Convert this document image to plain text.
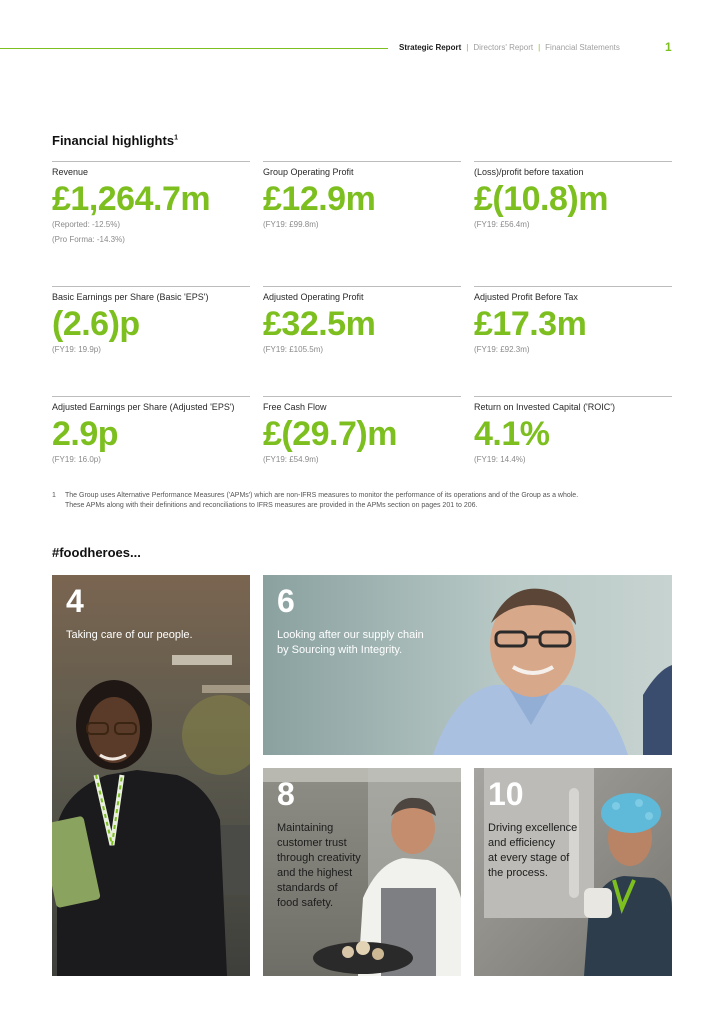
Strategic Report | Directors' Report | Financial Statements	1
Financial highlights$^1$
Revenue
£1,264.7m
(Reported: -12.5%)
(Pro Forma: -14.3%)
Group Operating Profit
£12.9m
(FY19: £99.8m)
(Loss)/profit before taxation
£(10.8)m
(FY19: £56.4m)
Basic Earnings per Share (Basic 'EPS')
(2.6)p
(FY19: 19.9p)
Adjusted Operating Profit
£32.5m
(FY19: £105.5m)
Adjusted Profit Before Tax
£17.3m
(FY19: £92.3m)
Adjusted Earnings per Share (Adjusted 'EPS')
2.9p
(FY19: 16.0p)
Free Cash Flow
£(29.7)m
(FY19: £54.9m)
Return on Invested Capital ('ROIC')
4.1%
(FY19: 14.4%)
1 The Group uses Alternative Performance Measures ('APMs') which are non-IFRS measures to monitor the performance of its operations and of the Group as a whole.
These APMs along with their definitions and reconciliations to IFRS measures are provided in the APMs section on pages 201 to 206.
#foodheroes...
4
Taking care of our people.
6
Looking after our supply chain
by Sourcing with Integrity.
8
Maintaining
customer trust
through creativity
and the highest
standards of
food safety.
10
Driving excellence
and efficiency
at every stage of
the process.
